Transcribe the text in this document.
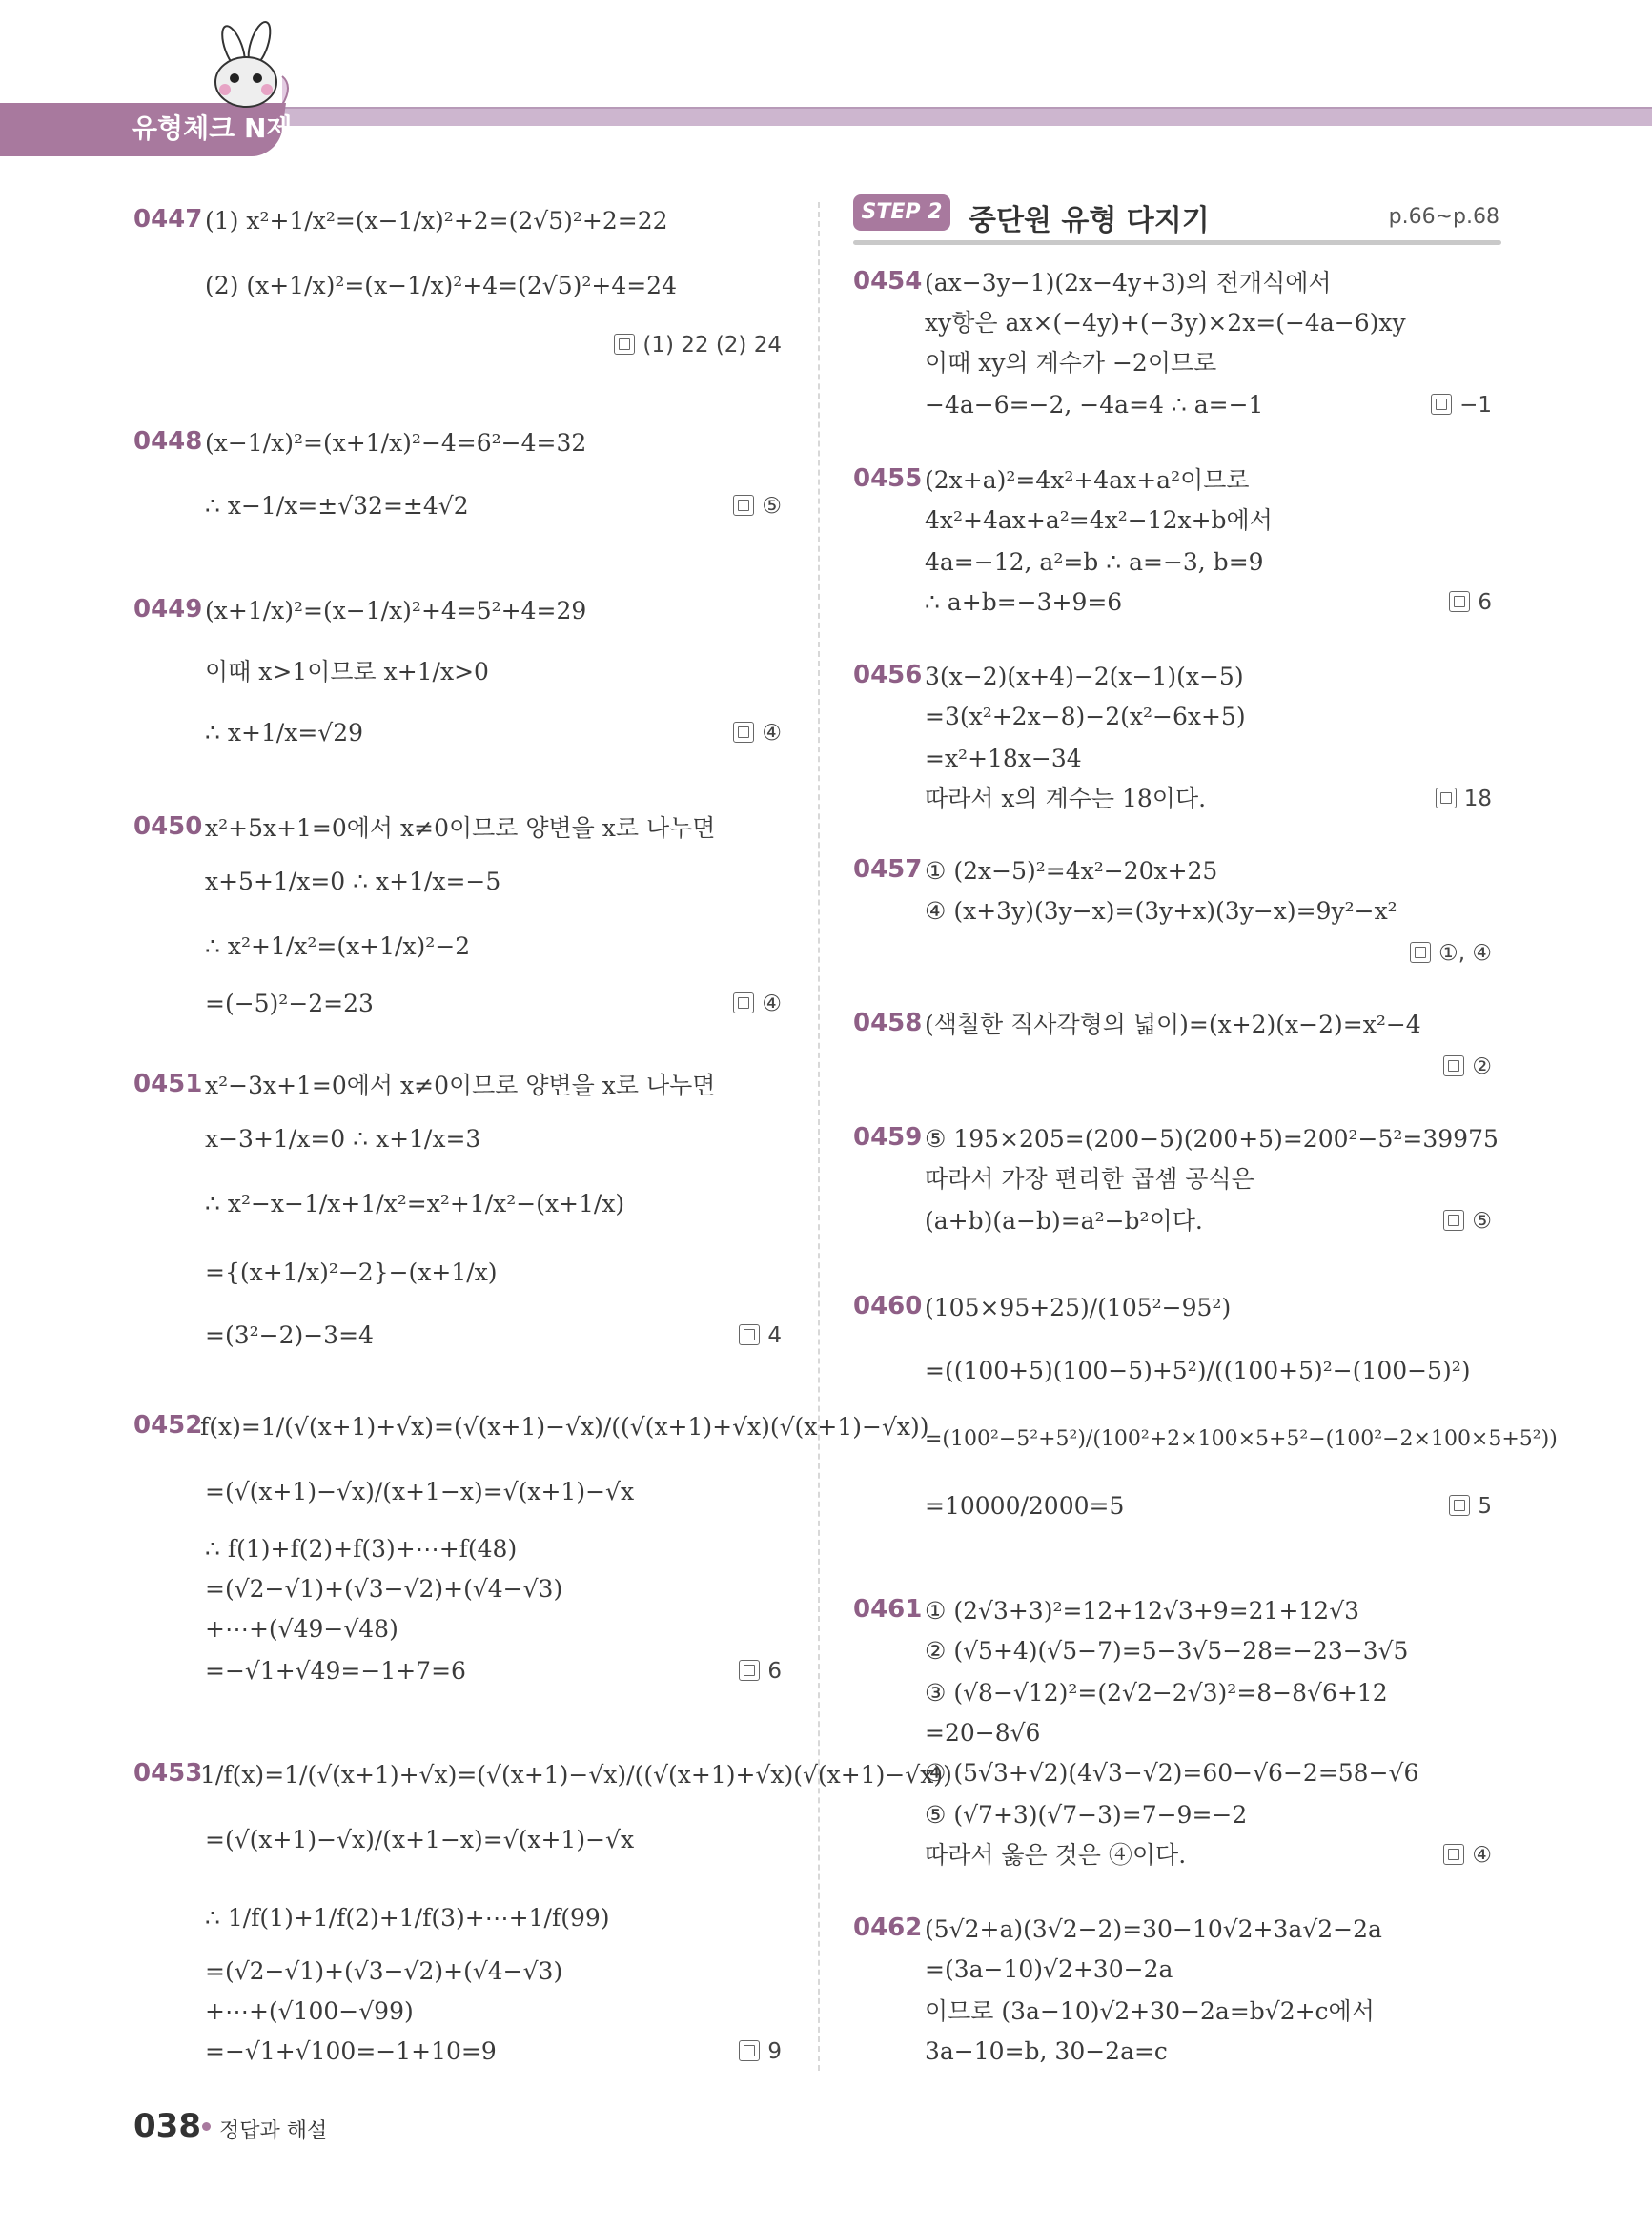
유형체크 N제
0447 (1) x²+1/x²=(x−1/x)²+2=(2√5)²+2=22
(2) (x+1/x)²=(x−1/x)²+4=(2√5)²+4=24
(1) 22 (2) 24
0448 (x−1/x)²=(x+1/x)²−4=6²−4=32
∴ x−1/x=±√32=±4√2	⑤
0449 (x+1/x)²=(x−1/x)²+4=5²+4=29
이때 x>1이므로 x+1/x>0
∴ x+1/x=√29	④
0450 x²+5x+1=0에서 x≠0이므로 양변을 x로 나누면
x+5+1/x=0 ∴ x+1/x=−5
∴ x²+1/x²=(x+1/x)²−2
=(−5)²−2=23	④
0451 x²−3x+1=0에서 x≠0이므로 양변을 x로 나누면
x−3+1/x=0 ∴ x+1/x=3
∴ x²−x−1/x+1/x²=x²+1/x²−(x+1/x)
={(x+1/x)²−2}−(x+1/x)
=(3²−2)−3=4	4
0452
f(x)=1/(√(x+1)+√x)=(√(x+1)−√x)/((√(x+1)+√x)(√(x+1)−√x))
=(√(x+1)−√x)/(x+1−x)=√(x+1)−√x
∴ f(1)+f(2)+f(3)+⋯+f(48)
=(√2−√1)+(√3−√2)+(√4−√3)
+⋯+(√49−√48)
=−√1+√49=−1+7=6	6
0453
1/f(x)=1/(√(x+1)+√x)=(√(x+1)−√x)/((√(x+1)+√x)(√(x+1)−√x))
=(√(x+1)−√x)/(x+1−x)=√(x+1)−√x
∴ 1/f(1)+1/f(2)+1/f(3)+⋯+1/f(99)
=(√2−√1)+(√3−√2)+(√4−√3)
+⋯+(√100−√99)
=−√1+√100=−1+10=9	9
STEP 2 중단원 유형 다지기	p.66~p.68
0454 (ax−3y−1)(2x−4y+3)의 전개식에서
xy항은 ax×(−4y)+(−3y)×2x=(−4a−6)xy
이때 xy의 계수가 −2이므로
−4a−6=−2, −4a=4 ∴ a=−1	−1
0455 (2x+a)²=4x²+4ax+a²이므로
4x²+4ax+a²=4x²−12x+b에서
4a=−12, a²=b ∴ a=−3, b=9
∴ a+b=−3+9=6	6
0456 3(x−2)(x+4)−2(x−1)(x−5)
=3(x²+2x−8)−2(x²−6x+5)
=x²+18x−34
따라서 x의 계수는 18이다.	18
0457 ① (2x−5)²=4x²−20x+25
④ (x+3y)(3y−x)=(3y+x)(3y−x)=9y²−x²
①, ④
0458 (색칠한 직사각형의 넓이)=(x+2)(x−2)=x²−4
②
0459 ⑤ 195×205=(200−5)(200+5)=200²−5²=39975
따라서 가장 편리한 곱셈 공식은
(a+b)(a−b)=a²−b²이다.	⑤
0460 (105×95+25)/(105²−95²)
=((100+5)(100−5)+5²)/((100+5)²−(100−5)²)
=(100²−5²+5²)/(100²+2×100×5+5²−(100²−2×100×5+5²))
=10000/2000=5	5
0461 ① (2√3+3)²=12+12√3+9=21+12√3
② (√5+4)(√5−7)=5−3√5−28=−23−3√5
③ (√8−√12)²=(2√2−2√3)²=8−8√6+12
=20−8√6
④ (5√3+√2)(4√3−√2)=60−√6−2=58−√6
⑤ (√7+3)(√7−3)=7−9=−2
따라서 옳은 것은 ④이다.	④
0462 (5√2+a)(3√2−2)=30−10√2+3a√2−2a
=(3a−10)√2+30−2a
이므로 (3a−10)√2+30−2a=b√2+c에서
3a−10=b, 30−2a=c
038 정답과 해설
